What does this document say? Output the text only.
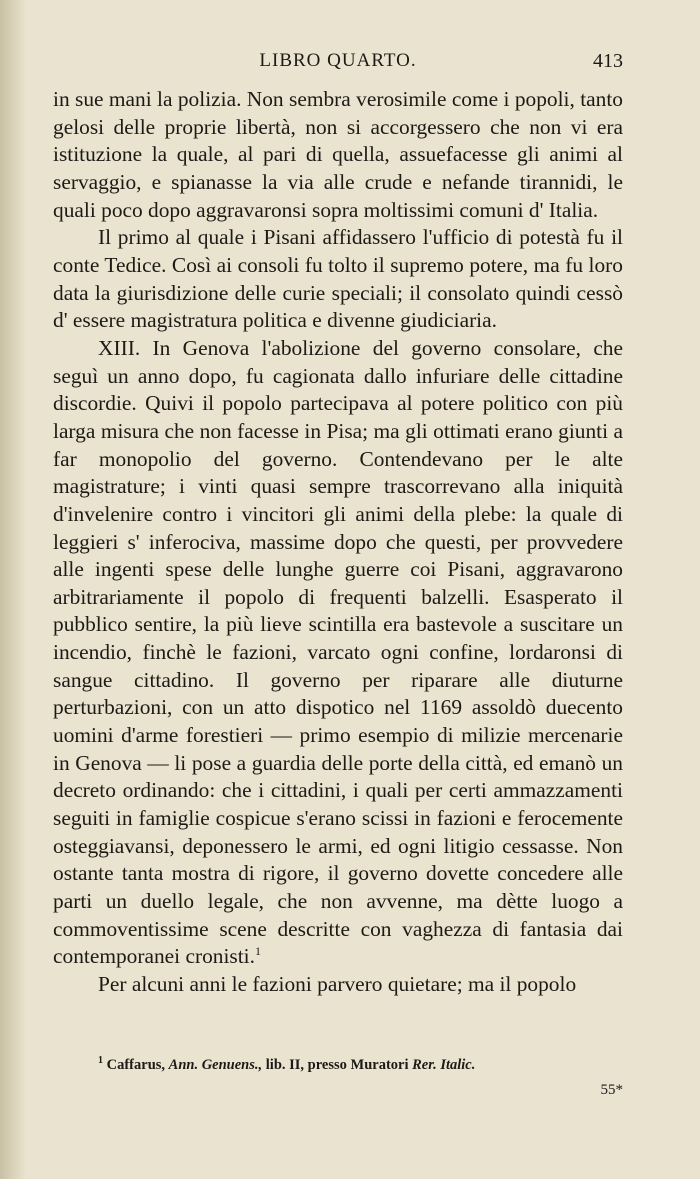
LIBRO QUARTO.	413

in sue mani la polizia. Non sembra verosimile come i popoli, tanto gelosi delle proprie libertà, non si accorgessero che non vi era istituzione la quale, al pari di quella, assuefacesse gli animi al servaggio, e spianasse la via alle crude e nefande tirannidi, le quali poco dopo aggravaronsi sopra moltissimi comuni d' Italia.

Il primo al quale i Pisani affidassero l'ufficio di potestà fu il conte Tedice. Così ai consoli fu tolto il supremo potere, ma fu loro data la giurisdizione delle curie speciali; il consolato quindi cessò d' essere magistratura politica e divenne giudiciaria.

XIII. In Genova l'abolizione del governo consolare, che seguì un anno dopo, fu cagionata dallo infuriare delle cittadine discordie. Quivi il popolo partecipava al potere politico con più larga misura che non facesse in Pisa; ma gli ottimati erano giunti a far monopolio del governo. Contendevano per le alte magistrature; i vinti quasi sempre trascorrevano alla iniquità d'invelenire contro i vincitori gli animi della plebe: la quale di leggieri s' inferociva, massime dopo che questi, per provvedere alle ingenti spese delle lunghe guerre coi Pisani, aggravarono arbitrariamente il popolo di frequenti balzelli. Esasperato il pubblico sentire, la più lieve scintilla era bastevole a suscitare un incendio, finchè le fazioni, varcato ogni confine, lordaronsi di sangue cittadino. Il governo per riparare alle diuturne perturbazioni, con un atto dispotico nel 1169 assoldò duecento uomini d'arme forestieri — primo esempio di milizie mercenarie in Genova — li pose a guardia delle porte della città, ed emanò un decreto ordinando: che i cittadini, i quali per certi ammazzamenti seguiti in famiglie cospicue s'erano scissi in fazioni e ferocemente osteggiavansi, deponessero le armi, ed ogni litigio cessasse. Non ostante tanta mostra di rigore, il governo dovette concedere alle parti un duello legale, che non avvenne, ma dètte luogo a commoventissime scene descritte con vaghezza di fantasia dai contemporanei cronisti.$^1$

Per alcuni anni le fazioni parvero quietare; ma il popolo

$^1$ Caffarus, Ann. Genuens., lib. II, presso Muratori Rer. Italic.
55*
